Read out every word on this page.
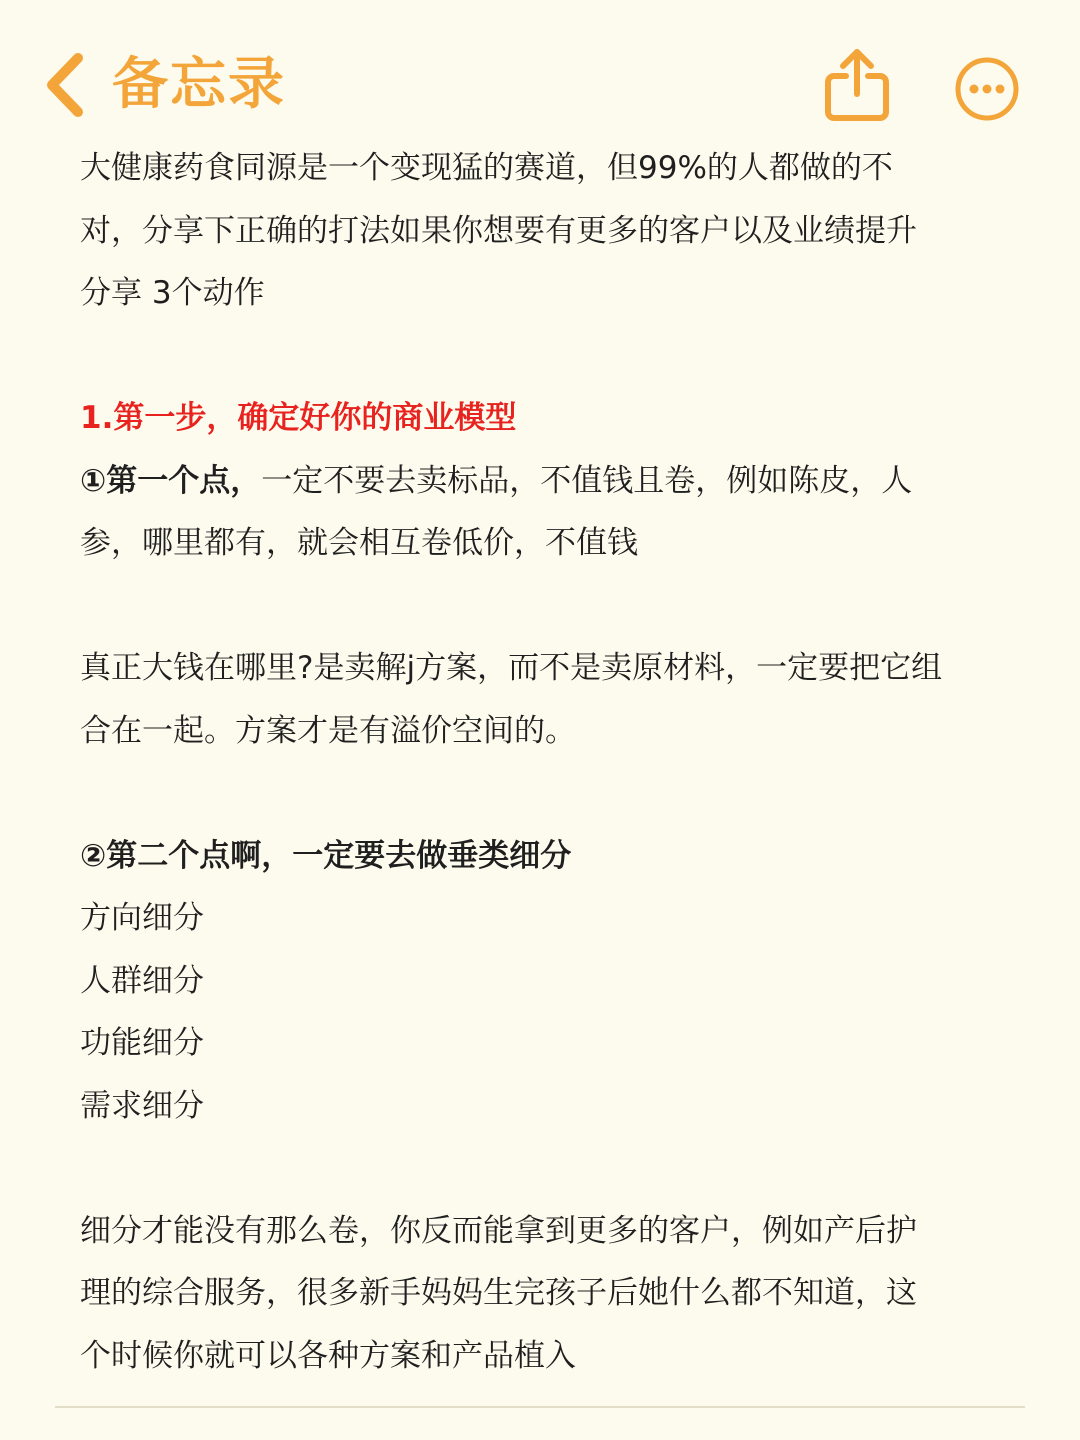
备忘录

大健康药食同源是一个变现猛的赛道，但99%的人都做的不

对，分享下正确的打法如果你想要有更多的客户以及业绩提升

分享 3个动作

1.第一步，确定好你的商业模型

①第一个点，一定不要去卖标品，不值钱且卷，例如陈皮，人

参，哪里都有，就会相互卷低价，不值钱

真正大钱在哪里?是卖解j方案，而不是卖原材料，一定要把它组

合在一起。方案才是有溢价空间的。

②第二个点啊，一定要去做垂类细分

方向细分

人群细分

功能细分

需求细分

细分才能没有那么卷，你反而能拿到更多的客户，例如产后护

理的综合服务，很多新手妈妈生完孩子后她什么都不知道，这

个时候你就可以各种方案和产品植入
